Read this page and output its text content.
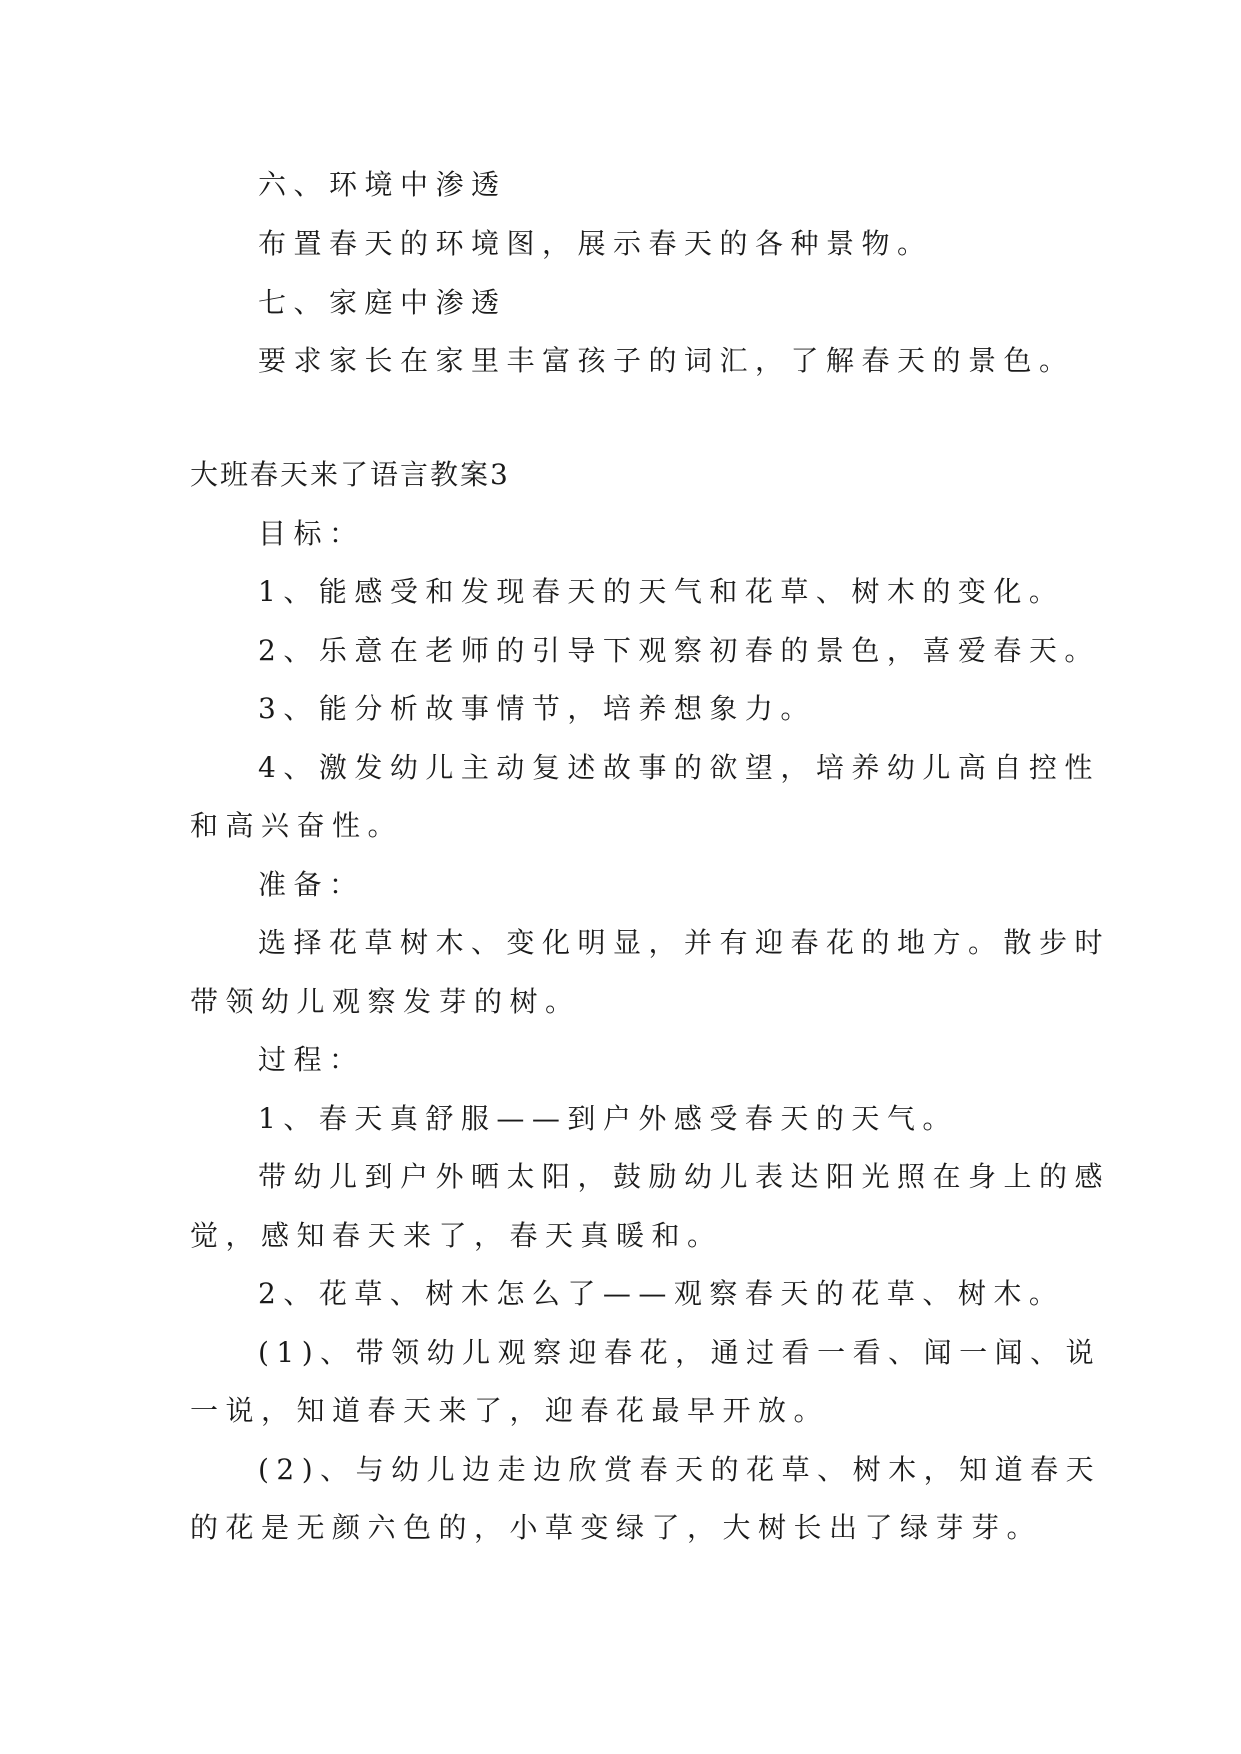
六、环境中渗透
布置春天的环境图，展示春天的各种景物。
七、家庭中渗透
要求家长在家里丰富孩子的词汇，了解春天的景色。
大班春天来了语言教案3
目标：
1、能感受和发现春天的天气和花草、树木的变化。
2、乐意在老师的引导下观察初春的景色，喜爱春天。
3、能分析故事情节，培养想象力。
4、激发幼儿主动复述故事的欲望，培养幼儿高自控性
和高兴奋性。
准备：
选择花草树木、变化明显，并有迎春花的地方。散步时
带领幼儿观察发芽的树。
过程：
1、春天真舒服——到户外感受春天的天气。
带幼儿到户外晒太阳，鼓励幼儿表达阳光照在身上的感
觉，感知春天来了，春天真暖和。
2、花草、树木怎么了——观察春天的花草、树木。
(1)、带领幼儿观察迎春花，通过看一看、闻一闻、说
一说，知道春天来了，迎春花最早开放。
(2)、与幼儿边走边欣赏春天的花草、树木，知道春天
的花是无颜六色的，小草变绿了，大树长出了绿芽芽。
